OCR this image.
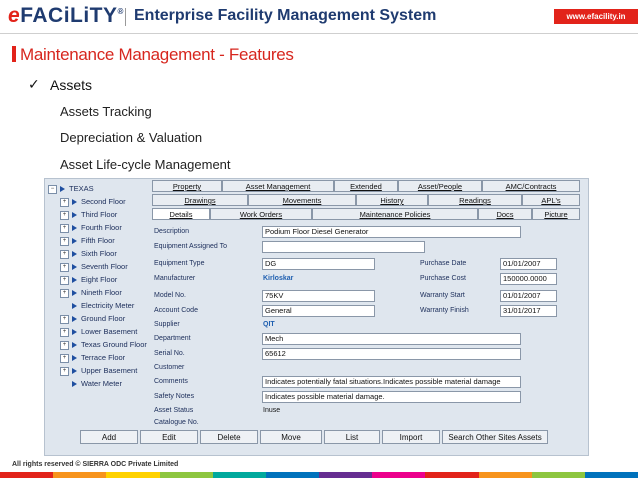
eFACiLiTY® Enterprise Facility Management System	www.efacility.in
Maintenance Management - Features
✓ Assets
Assets Tracking
Depreciation & Valuation
Asset Life-cycle Management
− TEXAS	Property	Asset Management	Extended	Asset/People	AMC/Contracts
Drawings	Movements	History	Readings	APL's
Details	Work Orders	Maintenance Policies	Docs	Picture
Description	Podium Floor Diesel Generator
Equipment Assigned To
Equipment Type	DG	Purchase Date	01/01/2007
Manufacturer	Kirloskar	Purchase Cost	150000.0000
Model No.	75KV	Warranty Start	01/01/2007
Account Code	General	Warranty Finish	31/01/2017
Supplier	QIT
Department	Mech
Serial No.	65612
Customer
Comments	Indicates potentially fatal situations.Indicates possible material damage
Safety Notes	Indicates possible material damage.
Asset Status	Inuse
Catalogue No.
Add	Edit	Delete	Move	List	Import	Search Other Sites Assets
All rights reserved © SIERRA ODC Private Limited
+ Second Floor
+ Third Floor
+ Fourth Floor
+ Fifth Floor
+ Sixth Floor
+ Seventh Floor
+ Eight Floor
+ Nineth Floor
Electricity Meter
+ Ground Floor
+ Lower Basement
+ Texas Ground Floor
+ Terrace Floor
+ Upper Basement
Water Meter
